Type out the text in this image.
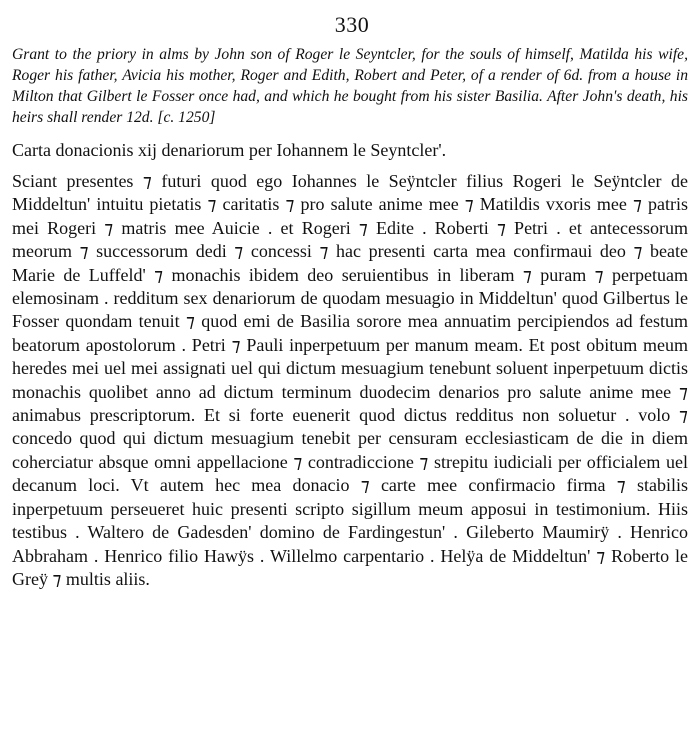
330

Grant to the priory in alms by John son of Roger le Seyntcler, for the souls of himself, Matilda his wife, Roger his father, Avicia his mother, Roger and Edith, Robert and Peter, of a render of 6d. from a house in Milton that Gilbert le Fosser once had, and which he bought from his sister Basilia. After John's death, his heirs shall render 12d. [c. 1250]

Carta donacionis xij denariorum per Iohannem le Seyntcler'.

Sciant presentes ⁊ futuri quod ego Iohannes le Seÿntcler filius Rogeri le Seÿntcler de Middeltun' intuitu pietatis ⁊ caritatis ⁊ pro salute anime mee ⁊ Matildis vxoris mee ⁊ patris mei Rogeri ⁊ matris mee Auicie . et Rogeri ⁊ Edite . Roberti ⁊ Petri . et antecessorum meorum ⁊ successorum dedi ⁊ concessi ⁊ hac presenti carta mea confirmaui deo ⁊ beate Marie de Luffeld' ⁊ monachis ibidem deo seruientibus in liberam ⁊ puram ⁊ perpetuam elemosinam . redditum sex denariorum de quodam mesuagio in Middeltun' quod Gilbertus le Fosser quondam tenuit ⁊ quod emi de Basilia sorore mea annuatim percipiendos ad festum beatorum apostolorum . Petri ⁊ Pauli inperpetuum per manum meam. Et post obitum meum heredes mei uel mei assignati uel qui dictum mesuagium tenebunt soluent inperpetuum dictis monachis quolibet anno ad dictum terminum duodecim denarios pro salute anime mee ⁊ animabus prescriptorum. Et si forte euenerit quod dictus redditus non soluetur . volo ⁊ concedo quod qui dictum mesuagium tenebit per censuram ecclesiasticam de die in diem coherciatur absque omni appellacione ⁊ contradiccione ⁊ strepitu iudiciali per officialem uel decanum loci. Vt autem hec mea donacio ⁊ carte mee confirmacio firma ⁊ stabilis inperpetuum perseueret huic presenti scripto sigillum meum apposui in testimonium. Hiis testibus . Waltero de Gadesden' domino de Fardingestun' . Gileberto Maumirÿ . Henrico Abbraham . Henrico filio Hawÿs . Willelmo carpentario . Helÿa de Middeltun' ⁊ Roberto le Greÿ ⁊ multis aliis.
